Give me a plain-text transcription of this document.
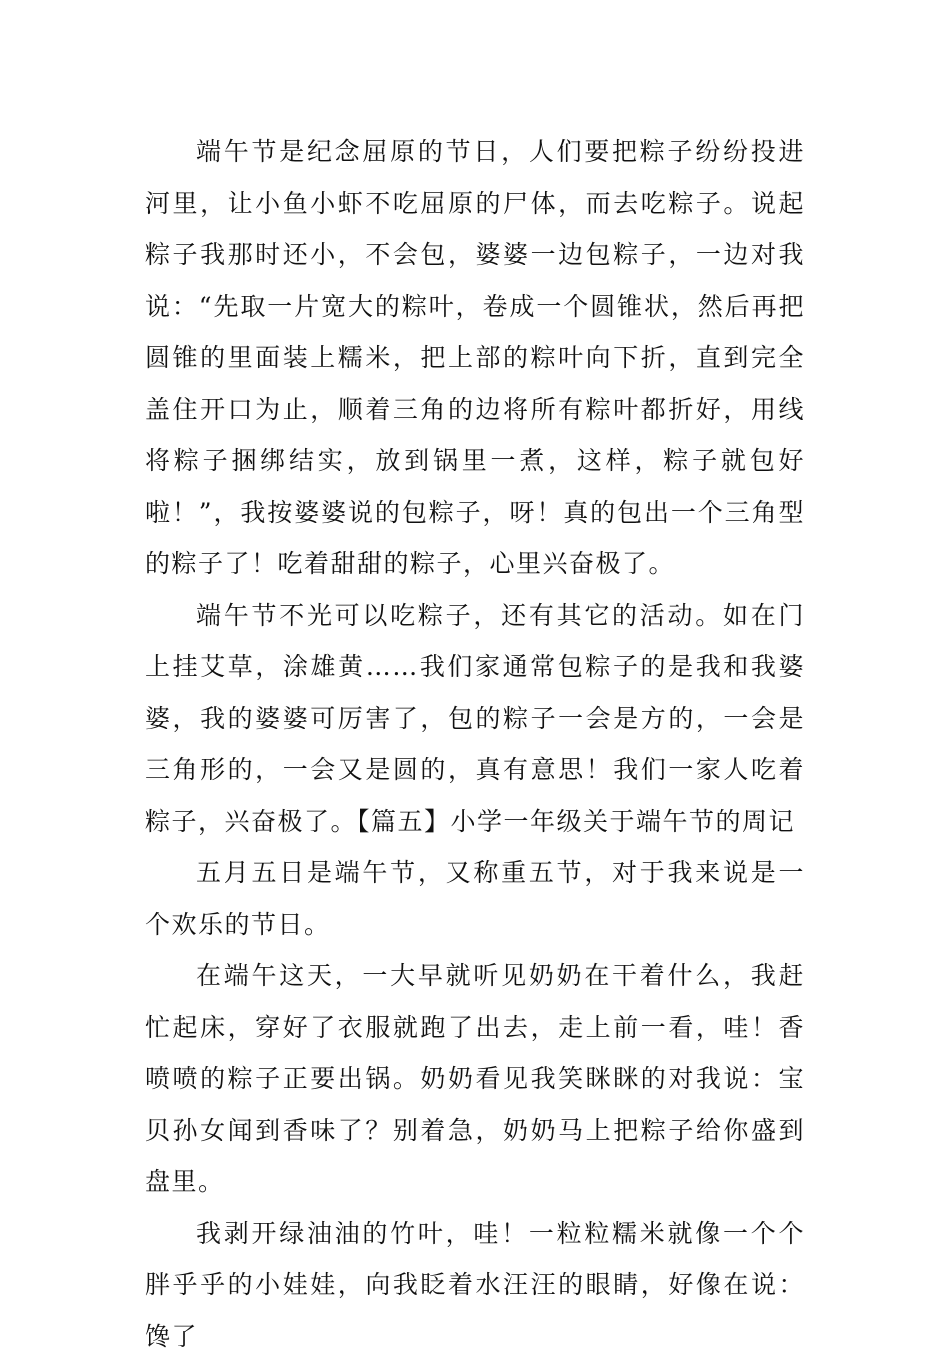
端午节是纪念屈原的节日，人们要把粽子纷纷投进河里，让小鱼小虾不吃屈原的尸体，而去吃粽子。说起粽子我那时还小，不会包，婆婆一边包粽子，一边对我说：“先取一片宽大的粽叶，卷成一个圆锥状，然后再把圆锥的里面装上糯米，把上部的粽叶向下折，直到完全盖住开口为止，顺着三角的边将所有粽叶都折好，用线将粽子捆绑结实，放到锅里一煮，这样，粽子就包好啦！”，我按婆婆说的包粽子，呀！真的包出一个三角型的粽子了！吃着甜甜的粽子，心里兴奋极了。

端午节不光可以吃粽子，还有其它的活动。如在门上挂艾草，涂雄黄……我们家通常包粽子的是我和我婆婆，我的婆婆可厉害了，包的粽子一会是方的，一会是三角形的，一会又是圆的，真有意思！我们一家人吃着粽子，兴奋极了。【篇五】小学一年级关于端午节的周记

五月五日是端午节，又称重五节，对于我来说是一个欢乐的节日。

在端午这天，一大早就听见奶奶在干着什么，我赶忙起床，穿好了衣服就跑了出去，走上前一看，哇！香喷喷的粽子正要出锅。奶奶看见我笑眯眯的对我说：宝贝孙女闻到香味了？别着急，奶奶马上把粽子给你盛到盘里。

我剥开绿油油的竹叶，哇！一粒粒糯米就像一个个胖乎乎的小娃娃，向我眨着水汪汪的眼睛，好像在说：馋了
